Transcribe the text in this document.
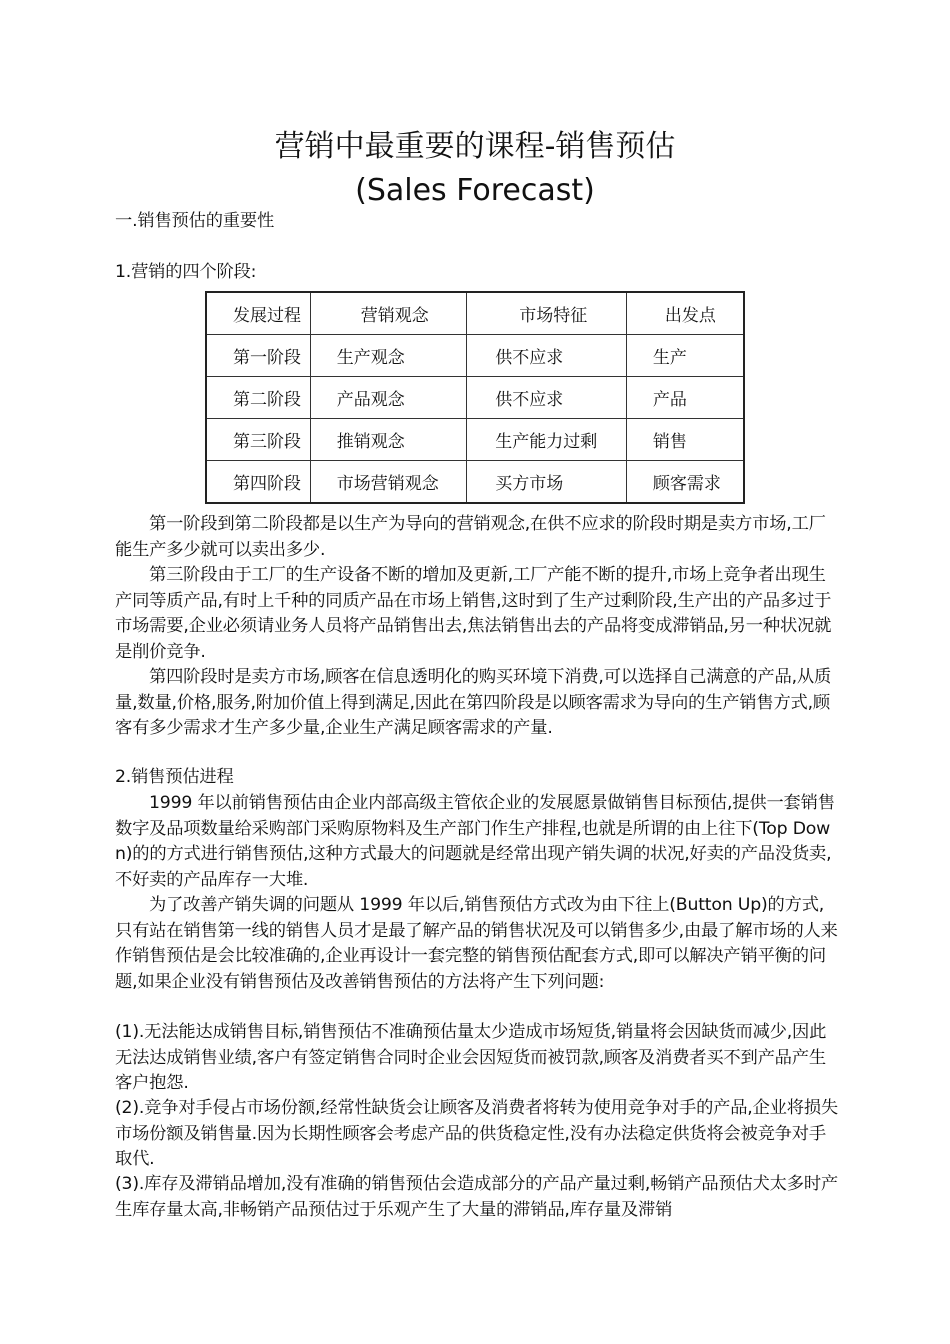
营销中最重要的课程-销售预估
(Sales Forecast)

一.销售预估的重要性

1.营销的四个阶段:

发展过程	营销观念	市场特征	出发点
第一阶段	生产观念	供不应求	生产
第二阶段	产品观念	供不应求	产品
第三阶段	推销观念	生产能力过剩	销售
第四阶段	市场营销观念	买方市场	顾客需求

第一阶段到第二阶段都是以生产为导向的营销观念,在供不应求的阶段时期是卖方市场,工厂能生产多少就可以卖出多少.

第三阶段由于工厂的生产设备不断的增加及更新,工厂产能不断的提升,市场上竞争者出现生产同等质产品,有时上千种的同质产品在市场上销售,这时到了生产过剩阶段,生产出的产品多过于市场需要,企业必须请业务人员将产品销售出去,焦法销售出去的产品将变成滞销品,另一种状况就是削价竞争.

第四阶段时是卖方市场,顾客在信息透明化的购买环境下消费,可以选择自己满意的产品,从质量,数量,价格,服务,附加价值上得到满足,因此在第四阶段是以顾客需求为导向的生产销售方式,顾客有多少需求才生产多少量,企业生产满足顾客需求的产量.

2.销售预估进程

1999 年以前销售预估由企业内部高级主管依企业的发展愿景做销售目标预估,提供一套销售数字及品项数量给采购部门采购原物料及生产部门作生产排程,也就是所谓的由上往下(Top Down)的的方式进行销售预估,这种方式最大的问题就是经常出现产销失调的状况,好卖的产品没货卖,不好卖的产品库存一大堆.

为了改善产销失调的问题从 1999 年以后,销售预估方式改为由下往上(Button Up)的方式,只有站在销售第一线的销售人员才是最了解产品的销售状况及可以销售多少,由最了解市场的人来作销售预估是会比较准确的,企业再设计一套完整的销售预估配套方式,即可以解决产销平衡的问题,如果企业没有销售预估及改善销售预估的方法将产生下列问题:

(1).无法能达成销售目标,销售预估不准确预估量太少造成市场短货,销量将会因缺货而减少,因此无法达成销售业绩,客户有签定销售合同时企业会因短货而被罚款,顾客及消费者买不到产品产生客户抱怨.

(2).竞争对手侵占市场份额,经常性缺货会让顾客及消费者将转为使用竞争对手的产品,企业将损失市场份额及销售量.因为长期性顾客会考虑产品的供货稳定性,没有办法稳定供货将会被竞争对手取代.

(3).库存及滞销品增加,没有准确的销售预估会造成部分的产品产量过剩,畅销产品预估犬太多时产生库存量太高,非畅销产品预估过于乐观产生了大量的滞销品,库存量及滞销
